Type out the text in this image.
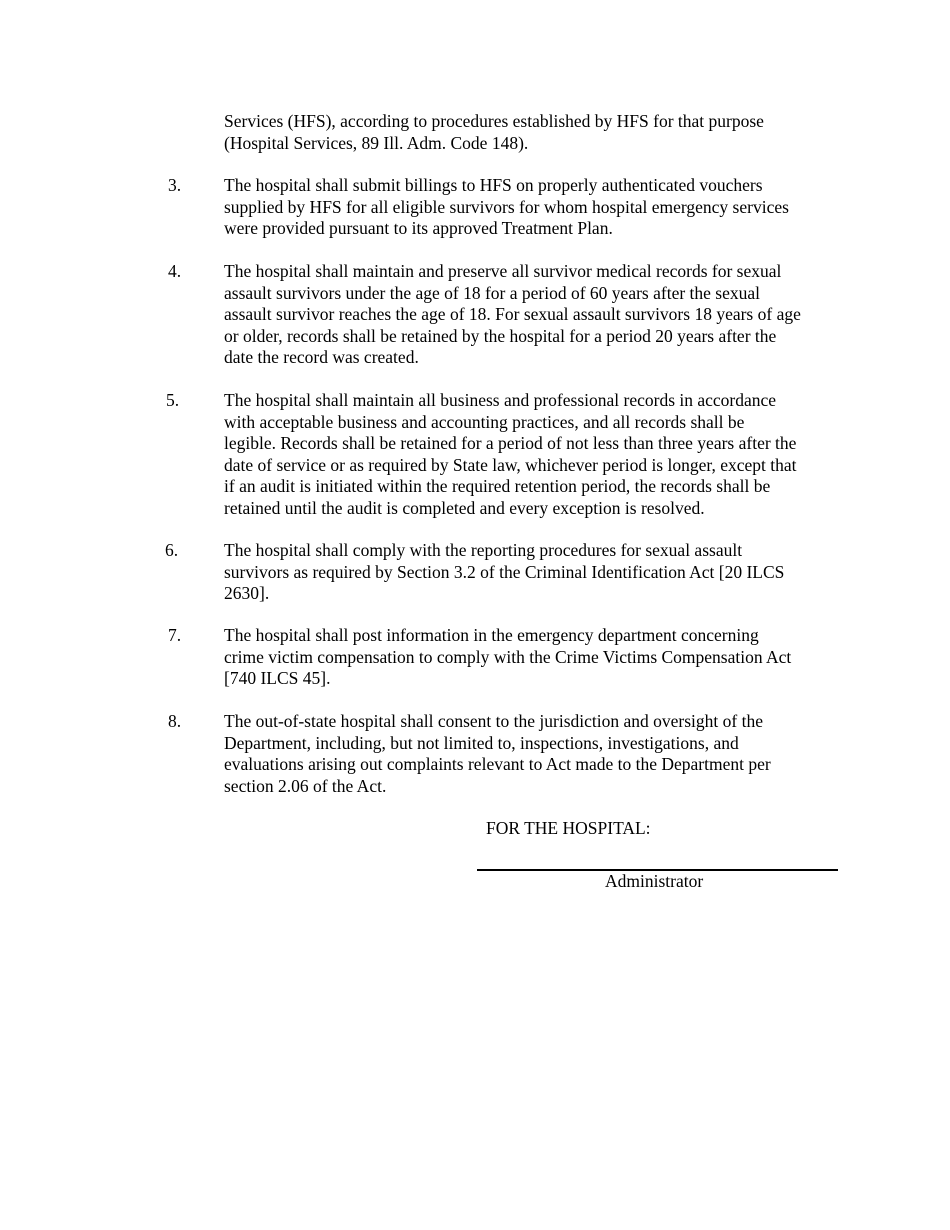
Services (HFS), according to procedures established by HFS for that purpose
(Hospital Services, 89 Ill. Adm. Code 148).
3.	The hospital shall submit billings to HFS on properly authenticated vouchers
supplied by HFS for all eligible survivors for whom hospital emergency services
were provided pursuant to its approved Treatment Plan.
4.	The hospital shall maintain and preserve all survivor medical records for sexual
assault survivors under the age of 18 for a period of 60 years after the sexual
assault survivor reaches the age of 18. For sexual assault survivors 18 years of age
or older, records shall be retained by the hospital for a period 20 years after the
date the record was created.
5.	The hospital shall maintain all business and professional records in accordance
with acceptable business and accounting practices, and all records shall be
legible. Records shall be retained for a period of not less than three years after the
date of service or as required by State law, whichever period is longer, except that
if an audit is initiated within the required retention period, the records shall be
retained until the audit is completed and every exception is resolved.
6.	The hospital shall comply with the reporting procedures for sexual assault
survivors as required by Section 3.2 of the Criminal Identification Act [20 ILCS
2630].
7.	The hospital shall post information in the emergency department concerning
crime victim compensation to comply with the Crime Victims Compensation Act
[740 ILCS 45].
8.	The out-of-state hospital shall consent to the jurisdiction and oversight of the
Department, including, but not limited to, inspections, investigations, and
evaluations arising out complaints relevant to Act made to the Department per
section 2.06 of the Act.
FOR THE HOSPITAL:
Administrator
